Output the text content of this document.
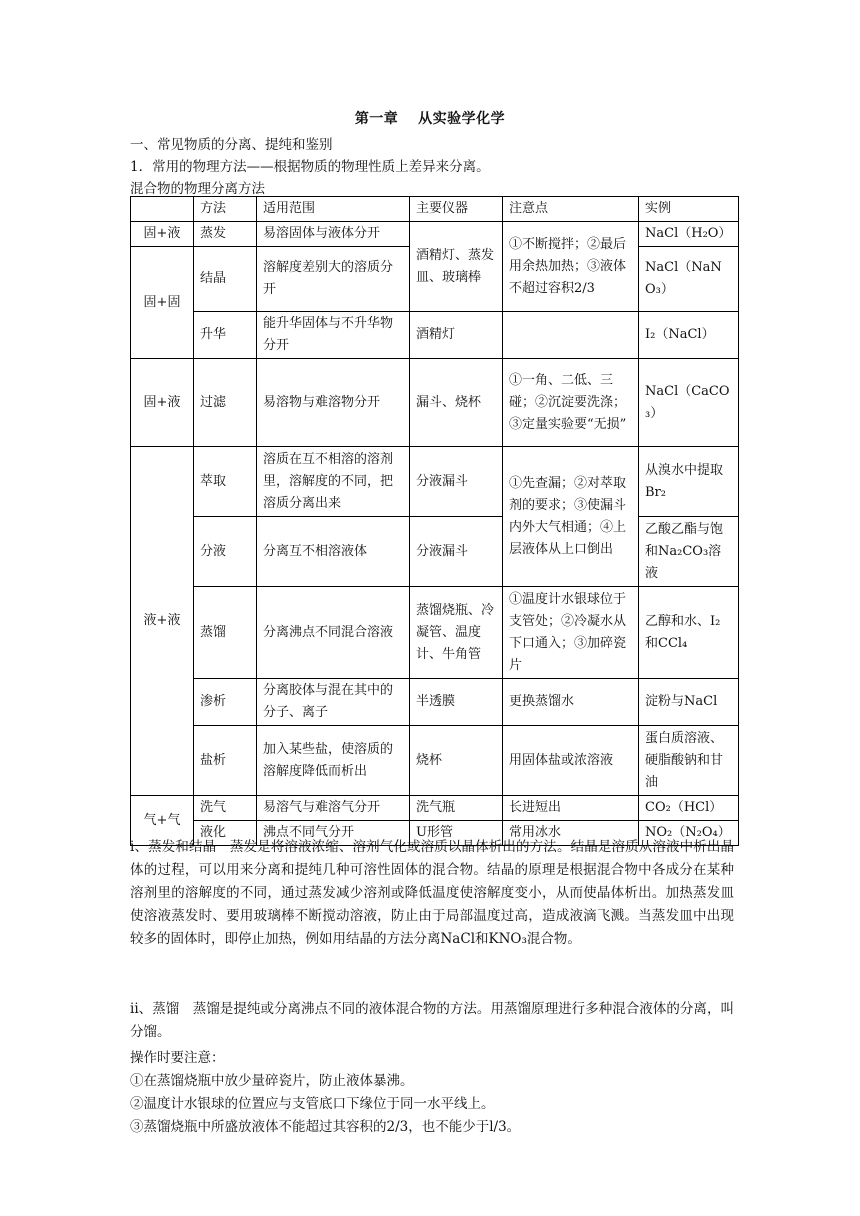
第一章　 从实验学化学
一、常见物质的分离、提纯和鉴别
1．常用的物理方法——根据物质的物理性质上差异来分离。
混合物的物理分离方法
	方法	适用范围	主要仪器	注意点	实例
固+液	蒸发	易溶固体与液体分开	酒精灯、蒸发皿、玻璃棒	①不断搅拌；②最后用余热加热；③液体不超过容积2/3	NaCl（H₂O）
固+固	结晶	溶解度差别大的溶质分开			NaCl（NaNO₃）
	升华	能升华固体与不升华物分开	酒精灯		I₂（NaCl）
固+液	过滤	易溶物与难溶物分开	漏斗、烧杯	①一角、二低、三碰；②沉淀要洗涤；③定量实验要“无损”	NaCl（CaCO₃）
液+液	萃取	溶质在互不相溶的溶剂里，溶解度的不同，把溶质分离出来	分液漏斗	①先查漏；②对萃取剂的要求；③使漏斗内外大气相通；④上层液体从上口倒出	从溴水中提取Br₂
	分液	分离互不相溶液体	分液漏斗		乙酸乙酯与饱和Na₂CO₃溶液
	蒸馏	分离沸点不同混合溶液	蒸馏烧瓶、冷凝管、温度计、牛角管	①温度计水银球位于支管处；②冷凝水从下口通入；③加碎瓷片	乙醇和水、I₂和CCl₄
	渗析	分离胶体与混在其中的分子、离子	半透膜	更换蒸馏水	淀粉与NaCl
	盐析	加入某些盐，使溶质的溶解度降低而析出	烧杯	用固体盐或浓溶液	蛋白质溶液、硬脂酸钠和甘油
气+气	洗气	易溶气与难溶气分开	洗气瓶	长进短出	CO₂（HCl）
	液化	沸点不同气分开	U形管	常用冰水	NO₂（N₂O₄）
i、蒸发和结晶　蒸发是将溶液浓缩、溶剂气化或溶质以晶体析出的方法。结晶是溶质从溶液中析出晶体的过程，可以用来分离和提纯几种可溶性固体的混合物。结晶的原理是根据混合物中各成分在某种溶剂里的溶解度的不同，通过蒸发减少溶剂或降低温度使溶解度变小，从而使晶体析出。加热蒸发皿使溶液蒸发时、要用玻璃棒不断搅动溶液，防止由于局部温度过高，造成液滴飞溅。当蒸发皿中出现较多的固体时，即停止加热，例如用结晶的方法分离NaCl和KNO₃混合物。
ii、蒸馏　蒸馏是提纯或分离沸点不同的液体混合物的方法。用蒸馏原理进行多种混合液体的分离，叫分馏。
操作时要注意：
①在蒸馏烧瓶中放少量碎瓷片，防止液体暴沸。
②温度计水银球的位置应与支管底口下缘位于同一水平线上。
③蒸馏烧瓶中所盛放液体不能超过其容积的2/3，也不能少于l/3。
